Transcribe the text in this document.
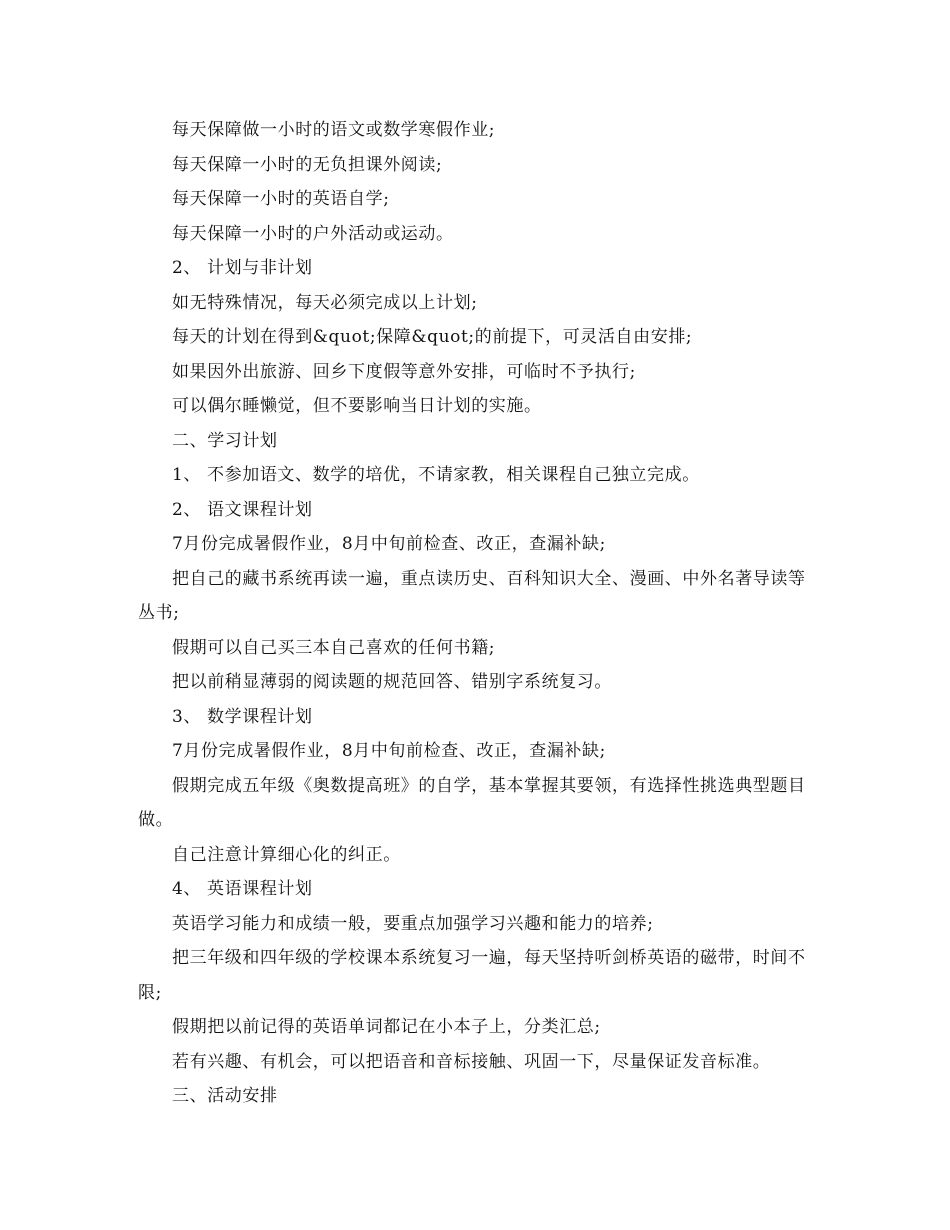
每天保障做一小时的语文或数学寒假作业;

每天保障一小时的无负担课外阅读;

每天保障一小时的英语自学;

每天保障一小时的户外活动或运动。

2、 计划与非计划

如无特殊情况，每天必须完成以上计划;

每天的计划在得到&quot;保障&quot;的前提下，可灵活自由安排;

如果因外出旅游、回乡下度假等意外安排，可临时不予执行;

可以偶尔睡懒觉，但不要影响当日计划的实施。

二、学习计划

1、 不参加语文、数学的培优，不请家教，相关课程自己独立完成。

2、 语文课程计划

7月份完成暑假作业，8月中旬前检查、改正，查漏补缺;

把自己的藏书系统再读一遍，重点读历史、百科知识大全、漫画、中外名著导读等丛书;

假期可以自己买三本自己喜欢的任何书籍;

把以前稍显薄弱的阅读题的规范回答、错别字系统复习。

3、 数学课程计划

7月份完成暑假作业，8月中旬前检查、改正，查漏补缺;

假期完成五年级《奥数提高班》的自学，基本掌握其要领，有选择性挑选典型题目做。

自己注意计算细心化的纠正。

4、 英语课程计划

英语学习能力和成绩一般，要重点加强学习兴趣和能力的培养;

把三年级和四年级的学校课本系统复习一遍，每天坚持听剑桥英语的磁带，时间不限;

假期把以前记得的英语单词都记在小本子上，分类汇总;

若有兴趣、有机会，可以把语音和音标接触、巩固一下，尽量保证发音标准。

三、活动安排
